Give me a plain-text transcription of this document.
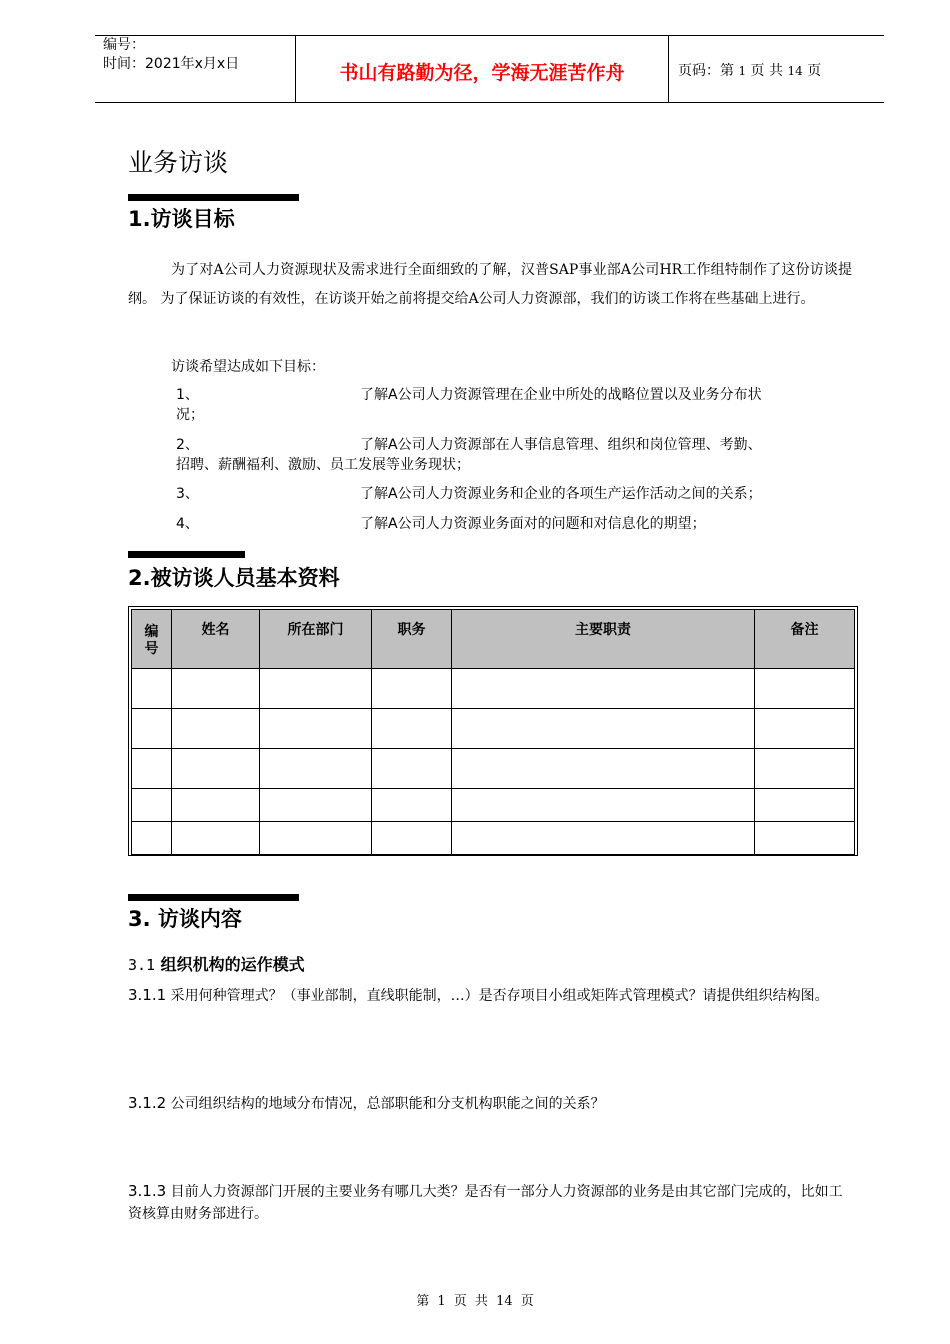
编号：
时间：2021年x月x日	书山有路勤为径，学海无涯苦作舟	页码：第 1 页 共 14 页
业务访谈
1.访谈目标
为了对A公司人力资源现状及需求进行全面细致的了解，汉普SAP事业部A公司HR工作组特制作了这份访谈提纲。 为了保证访谈的有效性，在访谈开始之前将提交给A公司人力资源部，我们的访谈工作将在些基础上进行。
访谈希望达成如下目标：
1、	了解A公司人力资源管理在企业中所处的战略位置以及业务分布状
况；
2、	了解A公司人力资源部在人事信息管理、组织和岗位管理、考勤、
招聘、薪酬福利、激励、员工发展等业务现状；
3、	了解A公司人力资源业务和企业的各项生产运作活动之间的关系；
4、	了解A公司人力资源业务面对的问题和对信息化的期望；
2.被访谈人员基本资料
编号	姓名	所在部门	职务	主要职责	备注

3. 访谈内容
3.1 组织机构的运作模式
3.1.1 采用何种管理式？（事业部制，直线职能制，…）是否存项目小组或矩阵式管理模式？请提供组织结构图。
3.1.2 公司组织结构的地域分布情况，总部职能和分支机构职能之间的关系？
3.1.3 目前人力资源部门开展的主要业务有哪几大类？是否有一部分人力资源部的业务是由其它部门完成的，比如工资核算由财务部进行。
第 1 页 共 14 页
